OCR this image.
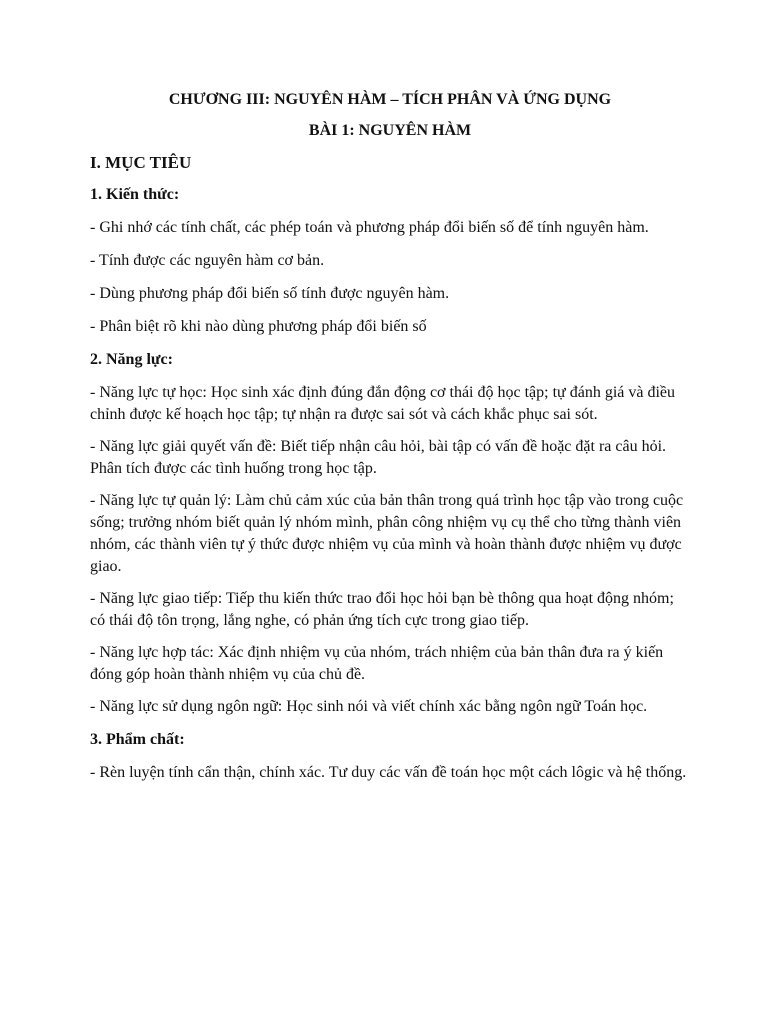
CHƯƠNG III: NGUYÊN HÀM – TÍCH PHÂN VÀ ỨNG DỤNG

BÀI 1: NGUYÊN HÀM

I. MỤC TIÊU

1. Kiến thức:

- Ghi nhớ các tính chất, các phép toán và phương pháp đổi biến số để tính nguyên hàm.

- Tính được các nguyên hàm cơ bản.

- Dùng phương pháp đổi biến số tính được nguyên hàm.

- Phân biệt rõ khi nào dùng phương pháp đổi biến số

2. Năng lực:

- Năng lực tự học: Học sinh xác định đúng đắn động cơ thái độ học tập; tự đánh giá và điều chỉnh được kế hoạch học tập; tự nhận ra được sai sót và cách khắc phục sai sót.

- Năng lực giải quyết vấn đề: Biết tiếp nhận câu hỏi, bài tập có vấn đề hoặc đặt ra câu hỏi. Phân tích được các tình huống trong học tập.

- Năng lực tự quản lý: Làm chủ cảm xúc của bản thân trong quá trình học tập vào trong cuộc sống; trưởng nhóm biết quản lý nhóm mình, phân công nhiệm vụ cụ thể cho từng thành viên nhóm, các thành viên tự ý thức được nhiệm vụ của mình và hoàn thành được nhiệm vụ được giao.

- Năng lực giao tiếp: Tiếp thu kiến thức trao đổi học hỏi bạn bè thông qua hoạt động nhóm; có thái độ tôn trọng, lắng nghe, có phản ứng tích cực trong giao tiếp.

- Năng lực hợp tác: Xác định nhiệm vụ của nhóm, trách nhiệm của bản thân đưa ra ý kiến đóng góp hoàn thành nhiệm vụ của chủ đề.

- Năng lực sử dụng ngôn ngữ: Học sinh nói và viết chính xác bằng ngôn ngữ Toán học.

3. Phẩm chất:

- Rèn luyện tính cẩn thận, chính xác. Tư duy các vấn đề toán học một cách lôgic và hệ thống.
